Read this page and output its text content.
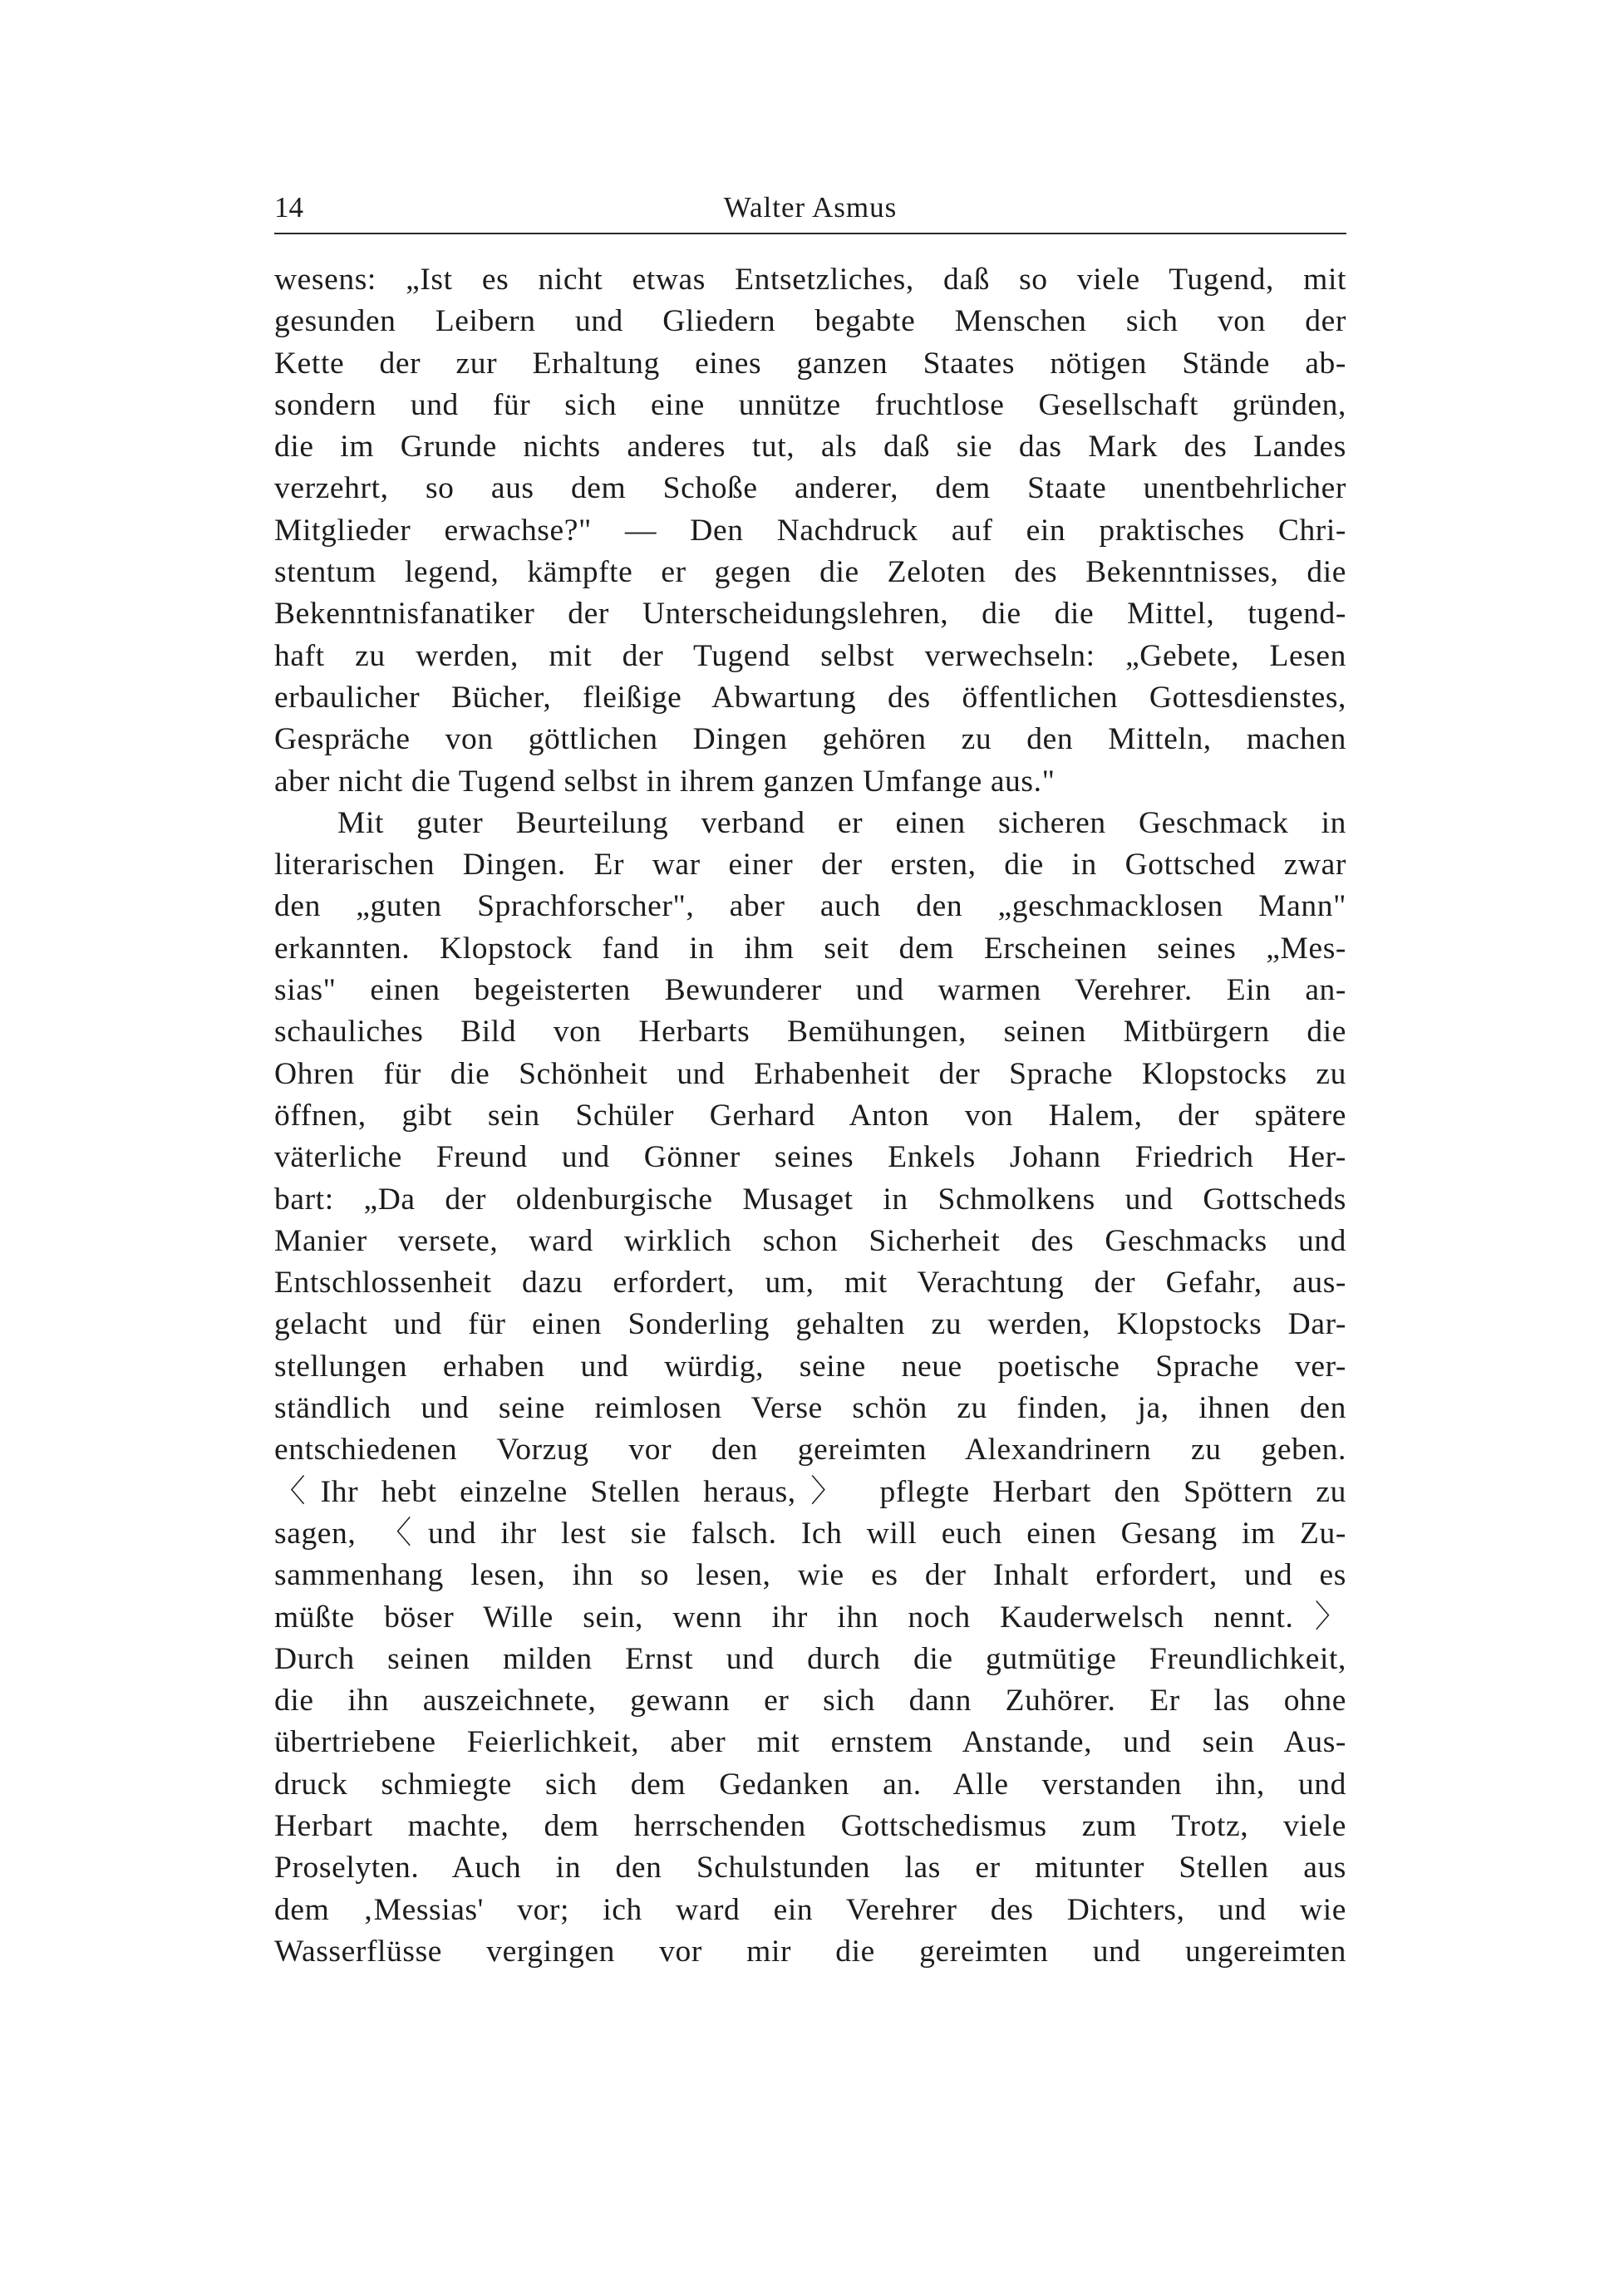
14	Walter Asmus
wesens: „Ist es nicht etwas Entsetzliches, daß so viele Tugend, mit
gesunden Leibern und Gliedern begabte Menschen sich von der
Kette der zur Erhaltung eines ganzen Staates nötigen Stände ab-
sondern und für sich eine unnütze fruchtlose Gesellschaft gründen,
die im Grunde nichts anderes tut, als daß sie das Mark des Landes
verzehrt, so aus dem Schoße anderer, dem Staate unentbehrlicher
Mitglieder erwachse?" — Den Nachdruck auf ein praktisches Chri-
stentum legend, kämpfte er gegen die Zeloten des Bekenntnisses, die
Bekenntnisfanatiker der Unterscheidungslehren, die die Mittel, tugend-
haft zu werden, mit der Tugend selbst verwechseln: „Gebete, Lesen
erbaulicher Bücher, fleißige Abwartung des öffentlichen Gottesdienstes,
Gespräche von göttlichen Dingen gehören zu den Mitteln, machen
aber nicht die Tugend selbst in ihrem ganzen Umfange aus."
Mit guter Beurteilung verband er einen sicheren Geschmack in
literarischen Dingen. Er war einer der ersten, die in Gottsched zwar
den „guten Sprachforscher", aber auch den „geschmacklosen Mann"
erkannten. Klopstock fand in ihm seit dem Erscheinen seines „Mes-
sias" einen begeisterten Bewunderer und warmen Verehrer. Ein an-
schauliches Bild von Herbarts Bemühungen, seinen Mitbürgern die
Ohren für die Schönheit und Erhabenheit der Sprache Klopstocks zu
öffnen, gibt sein Schüler Gerhard Anton von Halem, der spätere
väterliche Freund und Gönner seines Enkels Johann Friedrich Her-
bart: „Da der oldenburgische Musaget in Schmolkens und Gottscheds
Manier versete, ward wirklich schon Sicherheit des Geschmacks und
Entschlossenheit dazu erfordert, um, mit Verachtung der Gefahr, aus-
gelacht und für einen Sonderling gehalten zu werden, Klopstocks Dar-
stellungen erhaben und würdig, seine neue poetische Sprache ver-
ständlich und seine reimlosen Verse schön zu finden, ja, ihnen den
entschiedenen Vorzug vor den gereimten Alexandrinern zu geben.
〈Ihr hebt einzelne Stellen heraus,〉 pflegte Herbart den Spöttern zu
sagen, 〈und ihr lest sie falsch. Ich will euch einen Gesang im Zu-
sammenhang lesen, ihn so lesen, wie es der Inhalt erfordert, und es
müßte böser Wille sein, wenn ihr ihn noch Kauderwelsch nennt.〉
Durch seinen milden Ernst und durch die gutmütige Freundlichkeit,
die ihn auszeichnete, gewann er sich dann Zuhörer. Er las ohne
übertriebene Feierlichkeit, aber mit ernstem Anstande, und sein Aus-
druck schmiegte sich dem Gedanken an. Alle verstanden ihn, und
Herbart machte, dem herrschenden Gottschedismus zum Trotz, viele
Proselyten. Auch in den Schulstunden las er mitunter Stellen aus
dem ‚Messias' vor; ich ward ein Verehrer des Dichters, und wie
Wasserflüsse vergingen vor mir die gereimten und ungereimten
